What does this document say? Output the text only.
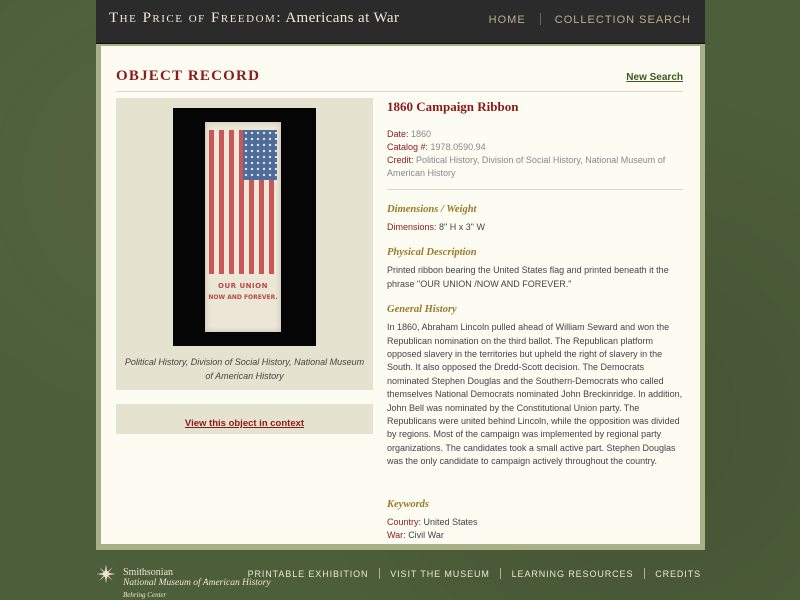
The Price of Freedom: Americans at War	HOME	COLLECTION SEARCH
OBJECT RECORD	New Search
OUR UNION
NOW AND FOREVER.
Political History, Division of Social History, National Museum of American History
View this object in context
1860 Campaign Ribbon
Date: 1860
Catalog #: 1978.0590.94
Credit: Political History, Division of Social History, National Museum of American History
Dimensions / Weight
Dimensions: 8" H x 3" W
Physical Description
Printed ribbon bearing the United States flag and printed beneath it the phrase "OUR UNION /NOW AND FOREVER."
General History
In 1860, Abraham Lincoln pulled ahead of William Seward and won the Republican nomination on the third ballot. The Republican platform opposed slavery in the territories but upheld the right of slavery in the South. It also opposed the Dredd-Scott decision. The Democrats nominated Stephen Douglas and the Southern-Democrats who called themselves National Democrats nominated John Breckinridge. In addition, John Bell was nominated by the Constitutional Union party. The Republicans were united behind Lincoln, while the opposition was divided by regions. Most of the campaign was implemented by regional party organizations. The candidates took a small active part. Stephen Douglas was the only candidate to campaign actively throughout the country.
Keywords
Country: United States
War: Civil War
Smithsonian
National Museum of American History
Behring Center
PRINTABLE EXHIBITION VISIT THE MUSEUM LEARNING RESOURCES CREDITS
